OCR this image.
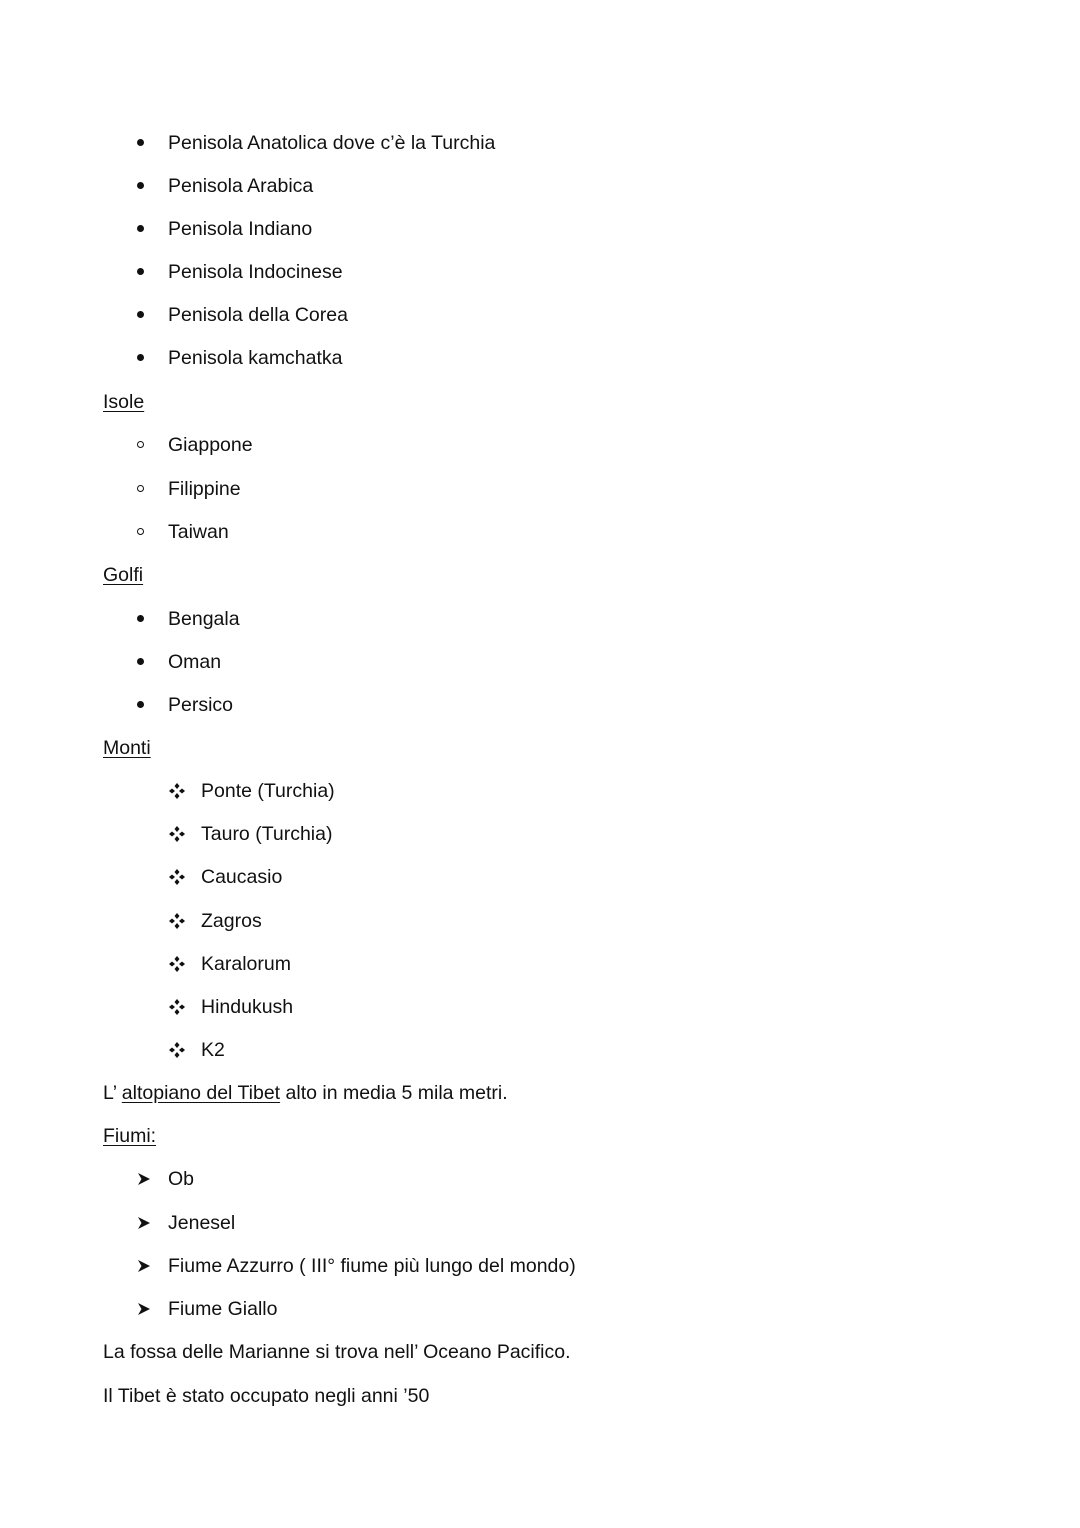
Penisola Anatolica dove c’è la Turchia
Penisola Arabica
Penisola Indiano
Penisola Indocinese
Penisola della Corea
Penisola kamchatka
Isole
Giappone
Filippine
Taiwan
Golfi
Bengala
Oman
Persico
Monti
Ponte (Turchia)
Tauro (Turchia)
Caucasio
Zagros
Karalorum
Hindukush
K2
L’ altopiano del Tibet alto in media 5 mila metri.
Fiumi:
Ob
Jenesel
Fiume Azzurro ( III° fiume più lungo del mondo)
Fiume Giallo
La fossa delle Marianne si trova nell’ Oceano Pacifico.
Il Tibet è stato occupato negli anni ’50
